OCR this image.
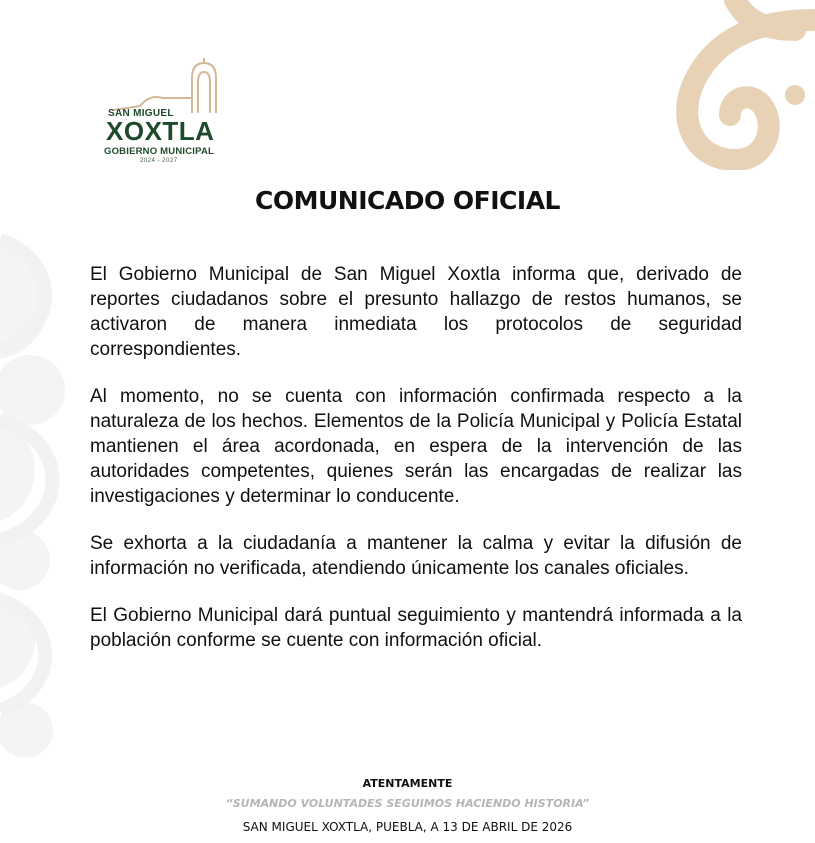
SAN MIGUEL
XOXTLA
GOBIERNO MUNICIPAL
2024 - 2027
COMUNICADO OFICIAL

El Gobierno Municipal de San Miguel Xoxtla informa que, derivado de reportes ciudadanos sobre el presunto hallazgo de restos humanos, se activaron de manera inmediata los protocolos de seguridad correspondientes.

Al momento, no se cuenta con información confirmada respecto a la naturaleza de los hechos. Elementos de la Policía Municipal y Policía Estatal mantienen el área acordonada, en espera de la intervención de las autoridades competentes, quienes serán las encargadas de realizar las investigaciones y determinar lo conducente.

Se exhorta a la ciudadanía a mantener la calma y evitar la difusión de información no verificada, atendiendo únicamente los canales oficiales.

El Gobierno Municipal dará puntual seguimiento y mantendrá informada a la población conforme se cuente con información oficial.

ATENTAMENTE
“SUMANDO VOLUNTADES SEGUIMOS HACIENDO HISTORIA”
SAN MIGUEL XOXTLA, PUEBLA, A 13 DE ABRIL DE 2026
